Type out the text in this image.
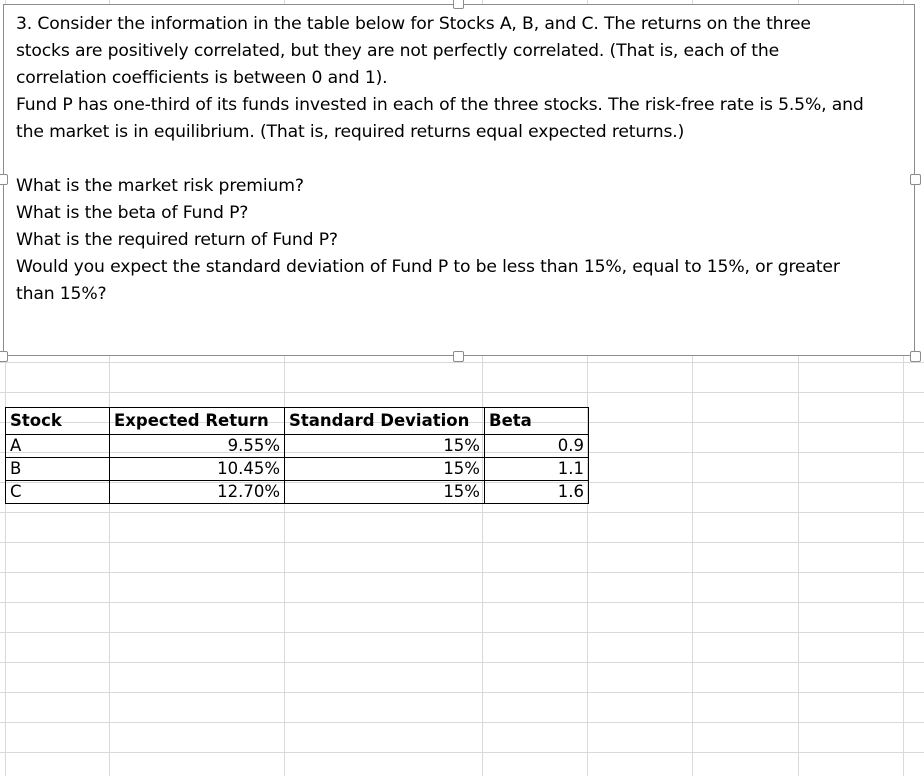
3. Consider the information in the table below for Stocks A, B, and C. The returns on the three

stocks are positively correlated, but they are not perfectly correlated. (That is, each of the

correlation coefficients is between 0 and 1).

Fund P has one-third of its funds invested in each of the three stocks. The risk-free rate is 5.5%, and

the market is in equilibrium. (That is, required returns equal expected returns.)

What is the market risk premium?

What is the beta of Fund P?

What is the required return of Fund P?

Would you expect the standard deviation of Fund P to be less than 15%, equal to 15%, or greater

than 15%?

Stock	Expected Return	Standard Deviation	Beta
A	9.55%	15%	0.9
B	10.45%	15%	1.1
C	12.70%	15%	1.6
